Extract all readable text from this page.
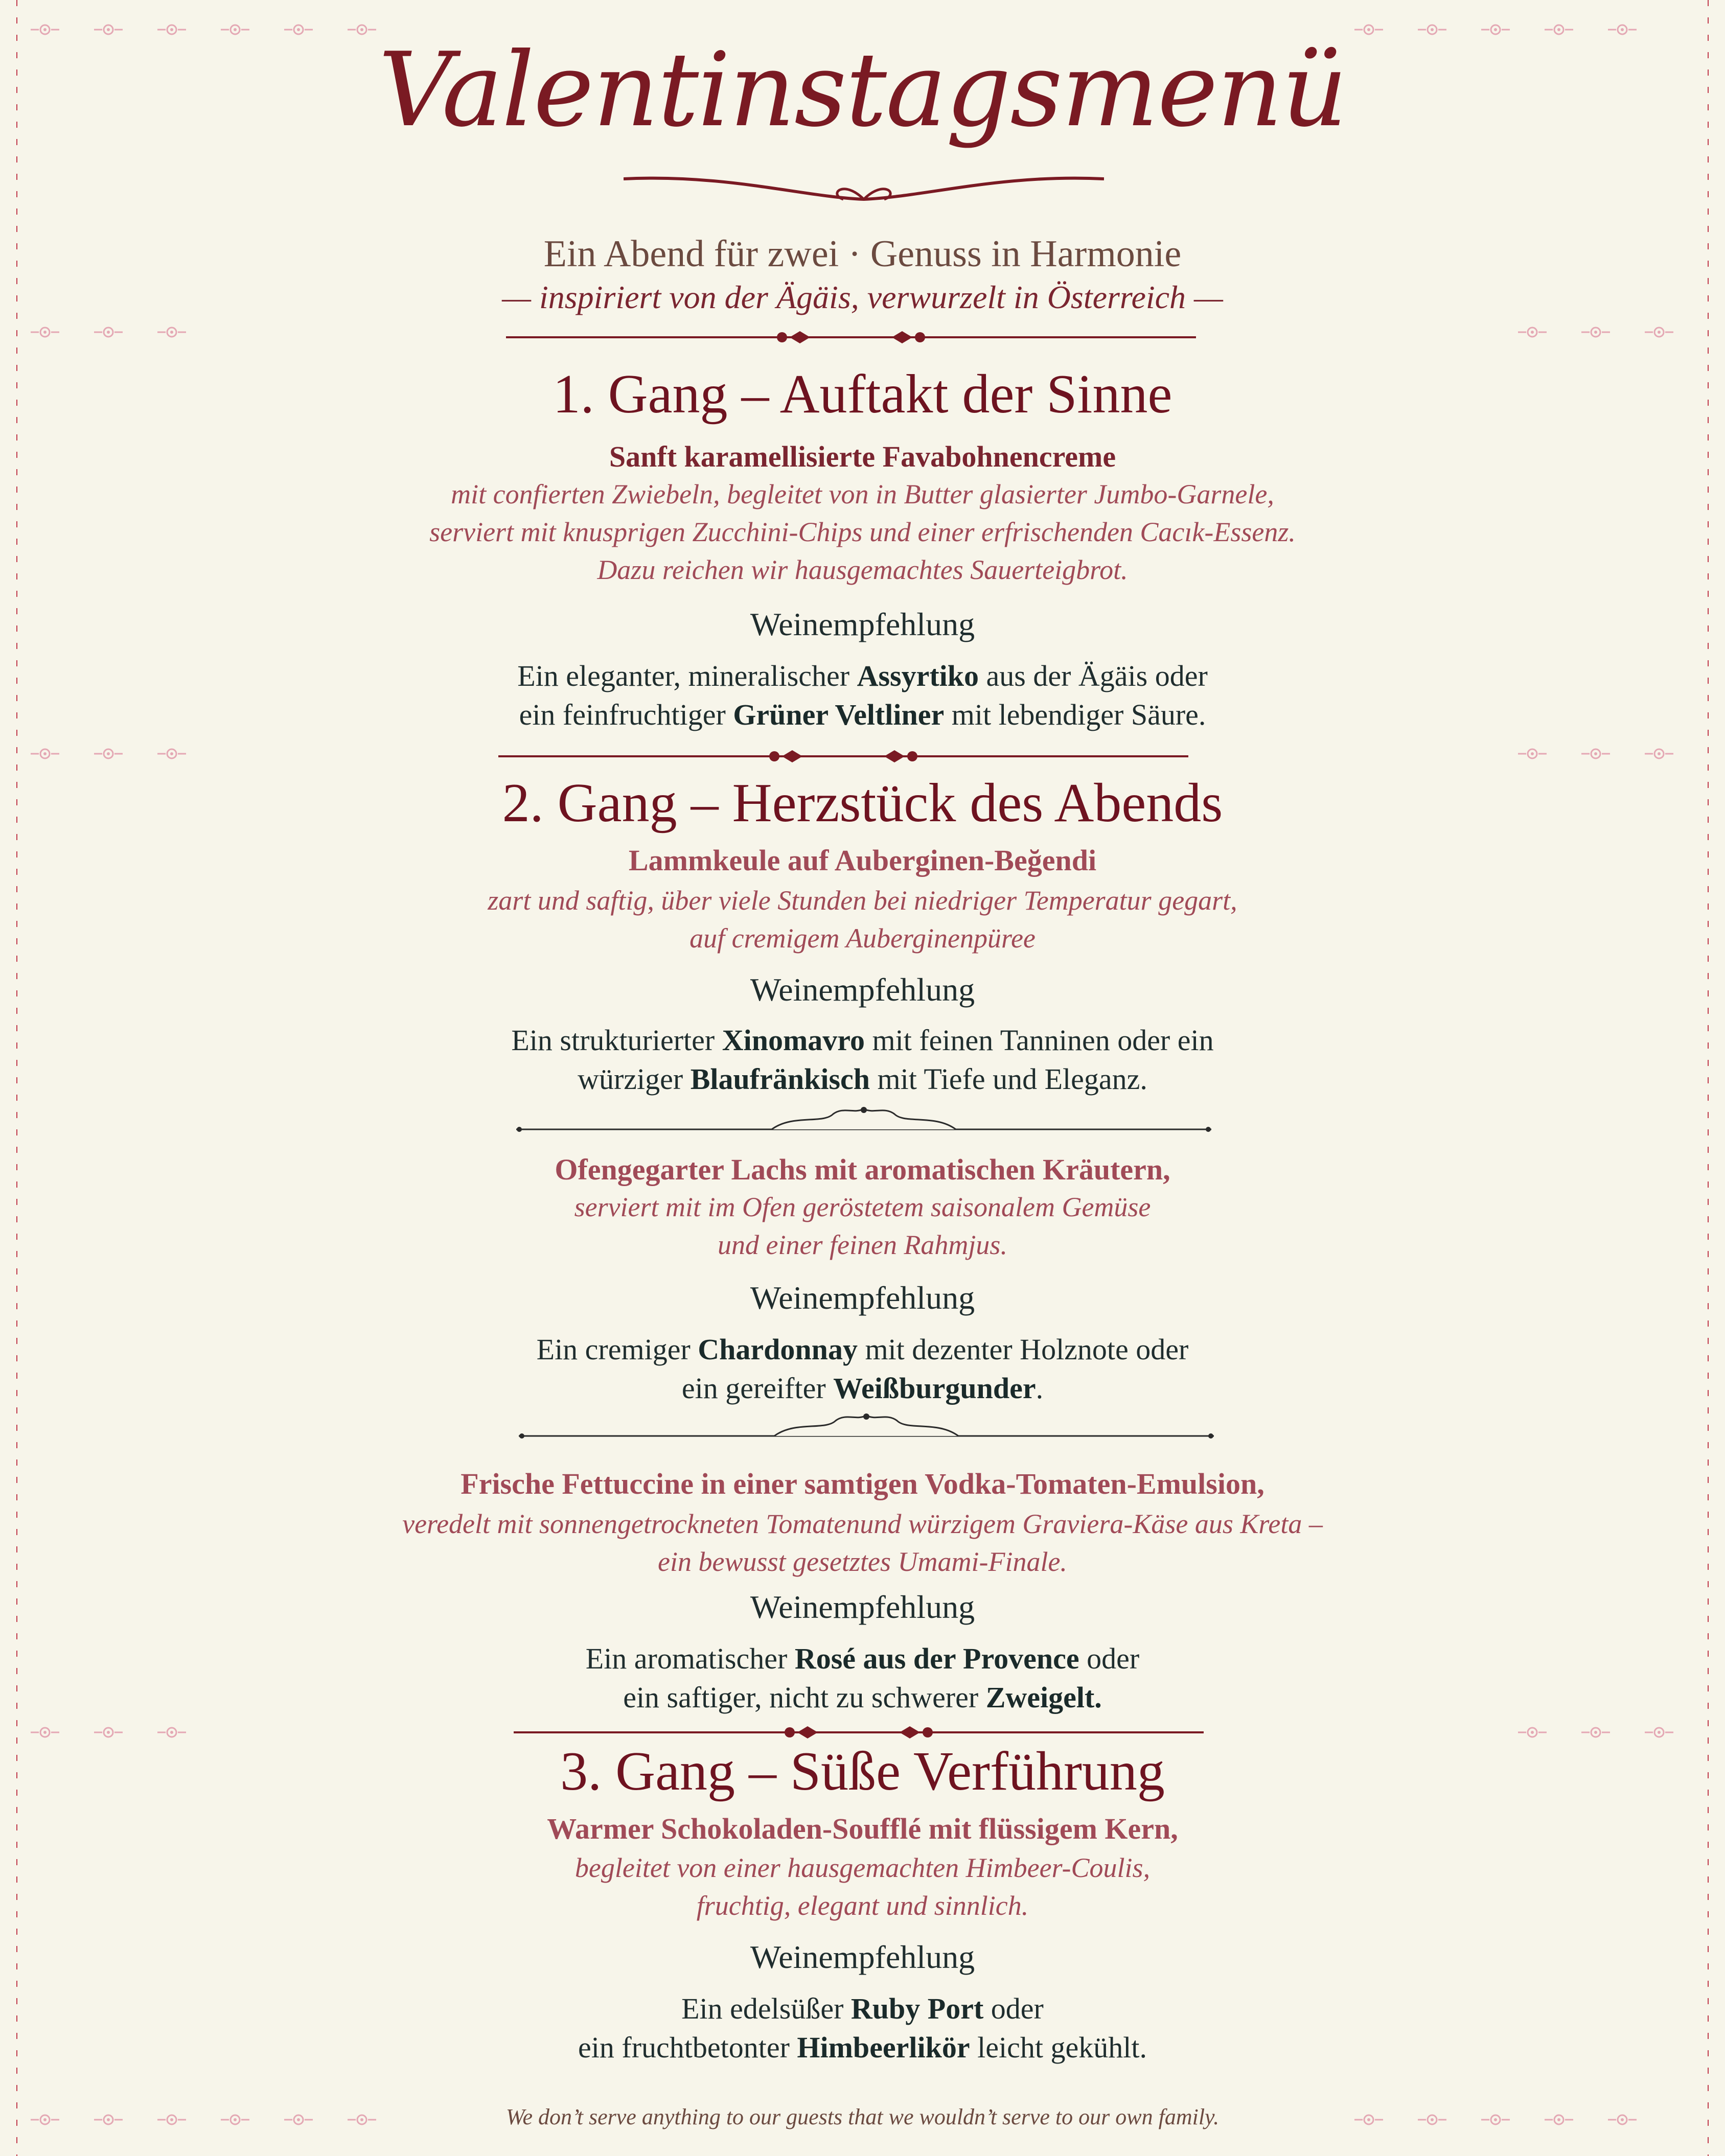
Valentinstagsmenü
Ein Abend für zwei · Genuss in Harmonie
— inspiriert von der Ägäis, verwurzelt in Österreich —
1. Gang – Auftakt der Sinne
Sanft karamellisierte Favabohnencreme
mit confierten Zwiebeln, begleitet von in Butter glasierter Jumbo-Garnele,
serviert mit knusprigen Zucchini-Chips und einer erfrischenden Cacık-Essenz.
Dazu reichen wir hausgemachtes Sauerteigbrot.
Weinempfehlung
Ein eleganter, mineralischer Assyrtiko aus der Ägäis oder
ein feinfruchtiger Grüner Veltliner mit lebendiger Säure.
2. Gang – Herzstück des Abends
Lammkeule auf Auberginen-Beğendi
zart und saftig, über viele Stunden bei niedriger Temperatur gegart,
auf cremigem Auberginenpüree
Weinempfehlung
Ein strukturierter Xinomavro mit feinen Tanninen oder ein
würziger Blaufränkisch mit Tiefe und Eleganz.
Ofengegarter Lachs mit aromatischen Kräutern,
serviert mit im Ofen geröstetem saisonalem Gemüse
und einer feinen Rahmjus.
Weinempfehlung
Ein cremiger Chardonnay mit dezenter Holznote oder
ein gereifter Weißburgunder.
Frische Fettuccine in einer samtigen Vodka-Tomaten-Emulsion,
veredelt mit sonnengetrockneten Tomatenund würzigem Graviera-Käse aus Kreta –
ein bewusst gesetztes Umami-Finale.
Weinempfehlung
Ein aromatischer Rosé aus der Provence oder
ein saftiger, nicht zu schwerer Zweigelt.
3. Gang – Süße Verführung
Warmer Schokoladen-Soufflé mit flüssigem Kern,
begleitet von einer hausgemachten Himbeer-Coulis,
fruchtig, elegant und sinnlich.
Weinempfehlung
Ein edelsüßer Ruby Port oder
ein fruchtbetonter Himbeerlikör leicht gekühlt.
We don’t serve anything to our guests that we wouldn’t serve to our own family.
